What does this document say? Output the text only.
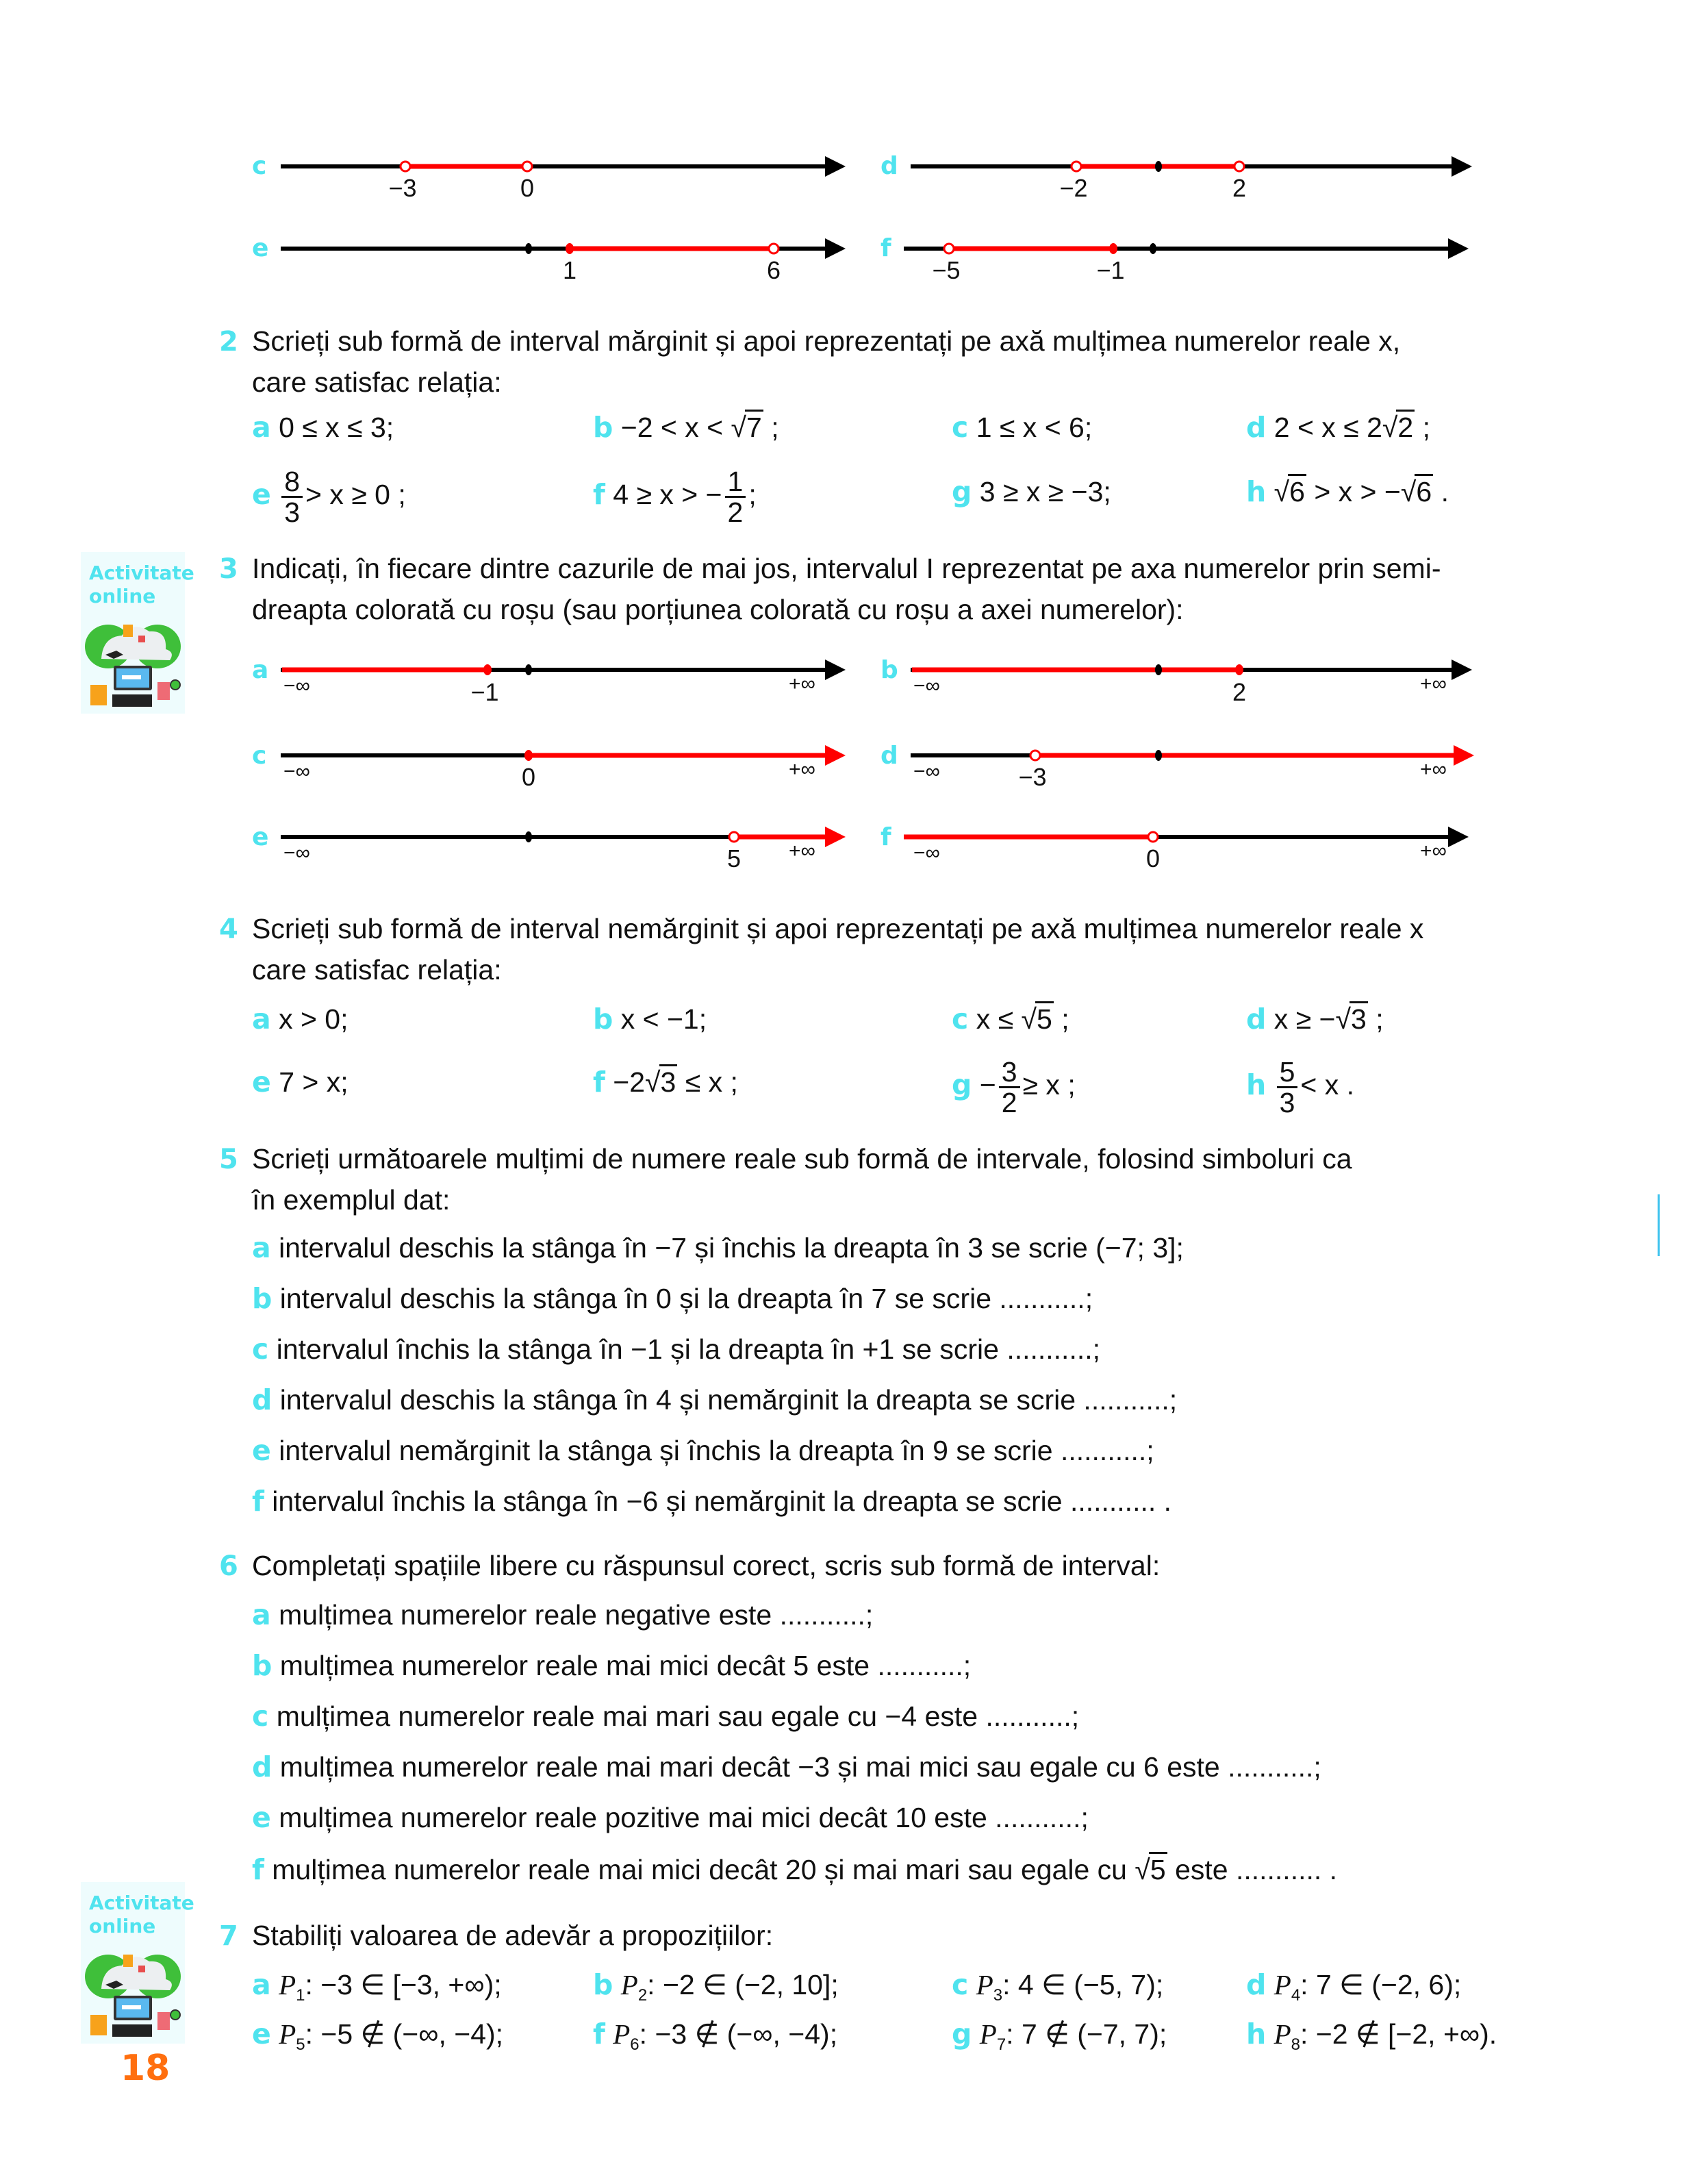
c	d
e	f
−3	0	−2	2
1	6	−5	−1
2 Scrieți sub formă de interval mărginit și apoi reprezentați pe axă mulțimea numerelor reale x,
care satisfac relația:
a 0 ≤ x ≤ 3;	b −2 < x < √7 ;	c 1 ≤ x < 6;	d 2 < x ≤ 2√2 ;
e $\frac{8}{3} > x \ge 0$ ;	f 4 ≥ x > − $\frac{1}{2}$ ;	g 3 ≥ x ≥ −3;	h √6 > x > −√6 .
Activitate
online
3 Indicați, în fiecare dintre cazurile de mai jos, intervalul I reprezentat pe axa numerelor prin semi-
dreapta colorată cu roșu (sau porțiunea colorată cu roșu a axei numerelor):
a	b
c	d
e	f
−∞	+∞	−∞	+∞
−∞	+∞	−∞	+∞
−∞	+∞	−∞	+∞
−1	2
0	−3
5	0
4 Scrieți sub formă de interval nemărginit și apoi reprezentați pe axă mulțimea numerelor reale x
care satisfac relația:
a x > 0;	b x < −1;	c x ≤ √5 ;	d x ≥ −√3 ;
e 7 > x;	f −2√3 ≤ x ;	$g - \frac{3}{2} \ge x$ ;	h $\frac{5}{3} < x$ .
5 Scrieți următoarele mulțimi de numere reale sub formă de intervale, folosind simboluri ca
în exemplul dat:
a intervalul deschis la stânga în −7 și închis la dreapta în 3 se scrie (−7; 3];
b intervalul deschis la stânga în 0 și la dreapta în 7 se scrie ...........;
c intervalul închis la stânga în −1 și la dreapta în +1 se scrie ...........;
d intervalul deschis la stânga în 4 și nemărginit la dreapta se scrie ...........;
e intervalul nemărginit la stânga și închis la dreapta în 9 se scrie ...........;
f intervalul închis la stânga în −6 și nemărginit la dreapta se scrie ........... .
6 Completați spațiile libere cu răspunsul corect, scris sub formă de interval:
a mulțimea numerelor reale negative este ...........;
b mulțimea numerelor reale mai mici decât 5 este ...........;
c mulțimea numerelor reale mai mari sau egale cu −4 este ...........;
d mulțimea numerelor reale mai mari decât −3 și mai mici sau egale cu 6 este ...........;
e mulțimea numerelor reale pozitive mai mici decât 10 este ...........;
f mulțimea numerelor reale mai mici decât 20 și mai mari sau egale cu √5 este ........... .
Activitate
online	7 Stabiliți valoarea de adevăr a propozițiilor:
a $P_1$: −3 ∈ [−3, +∞);	b $P_2$: −2 ∈ (−2, 10];	c $P_3$: 4 ∈ (−5, 7);	d $P_4$: 7 ∈ (−2, 6);
e $P_5$: −5 ∉ (−∞, −4);	f $P_6$: −3 ∉ (−∞, −4);	g $P_7$: 7 ∉ (−7, 7);	h $P_8$: −2 ∉ [−2, +∞).
18
